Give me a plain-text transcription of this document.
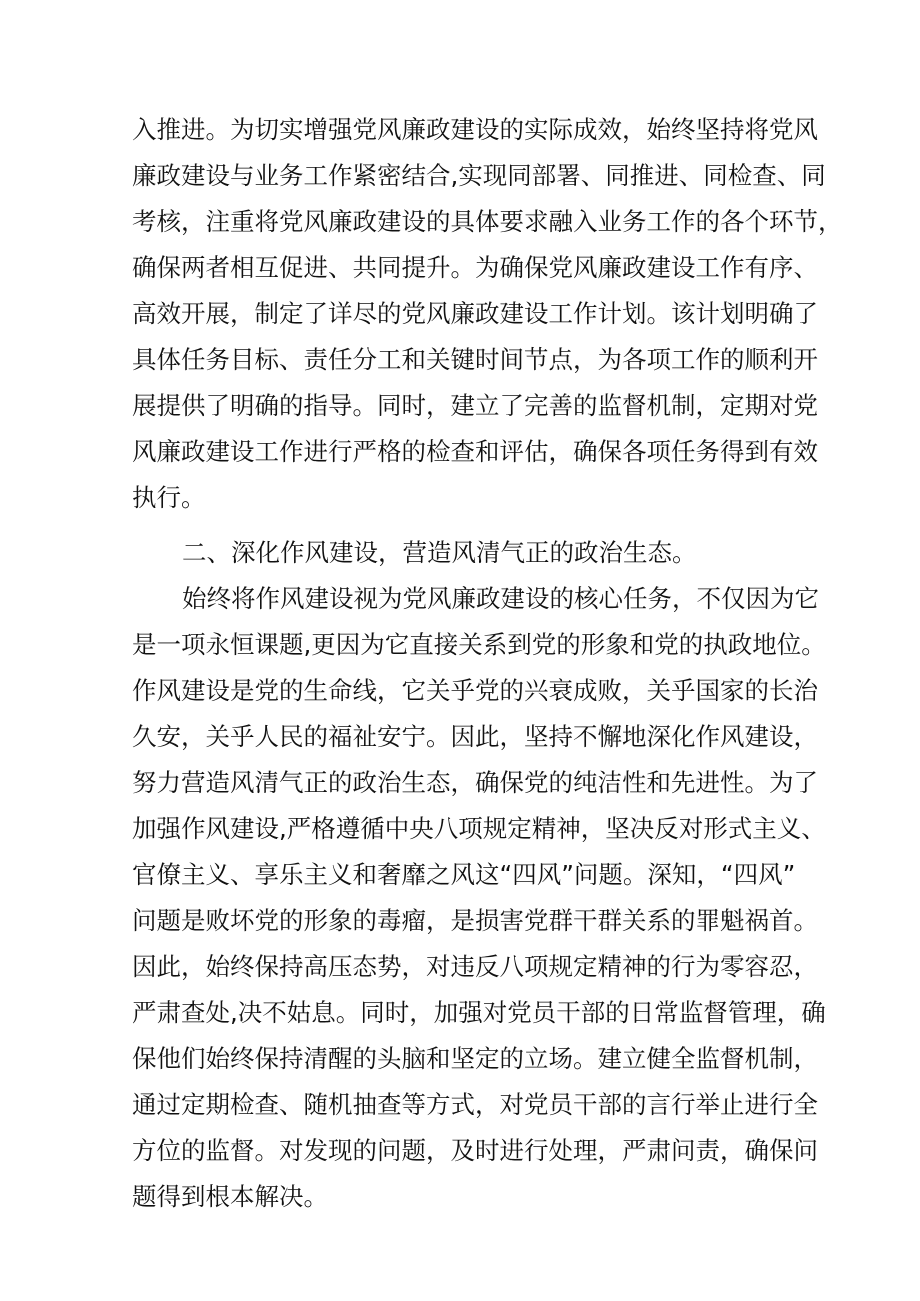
入推进。为切实增强党风廉政建设的实际成效，始终坚持将党风
廉政建设与业务工作紧密结合,实现同部署、同推进、同检查、同
考核，注重将党风廉政建设的具体要求融入业务工作的各个环节，
确保两者相互促进、共同提升。为确保党风廉政建设工作有序、
高效开展，制定了详尽的党风廉政建设工作计划。该计划明确了
具体任务目标、责任分工和关键时间节点，为各项工作的顺利开
展提供了明确的指导。同时，建立了完善的监督机制，定期对党
风廉政建设工作进行严格的检查和评估，确保各项任务得到有效
执行。
二、深化作风建设，营造风清气正的政治生态。
始终将作风建设视为党风廉政建设的核心任务，不仅因为它
是一项永恒课题,更因为它直接关系到党的形象和党的执政地位。
作风建设是党的生命线，它关乎党的兴衰成败，关乎国家的长治
久安，关乎人民的福祉安宁。因此，坚持不懈地深化作风建设，
努力营造风清气正的政治生态，确保党的纯洁性和先进性。为了
加强作风建设,严格遵循中央八项规定精神，坚决反对形式主义、
官僚主义、享乐主义和奢靡之风这“四风”问题。深知，“四风”
问题是败坏党的形象的毒瘤，是损害党群干群关系的罪魁祸首。
因此，始终保持高压态势，对违反八项规定精神的行为零容忍，
严肃查处,决不姑息。同时，加强对党员干部的日常监督管理，确
保他们始终保持清醒的头脑和坚定的立场。建立健全监督机制，
通过定期检查、随机抽查等方式，对党员干部的言行举止进行全
方位的监督。对发现的问题，及时进行处理，严肃问责，确保问
题得到根本解决。
